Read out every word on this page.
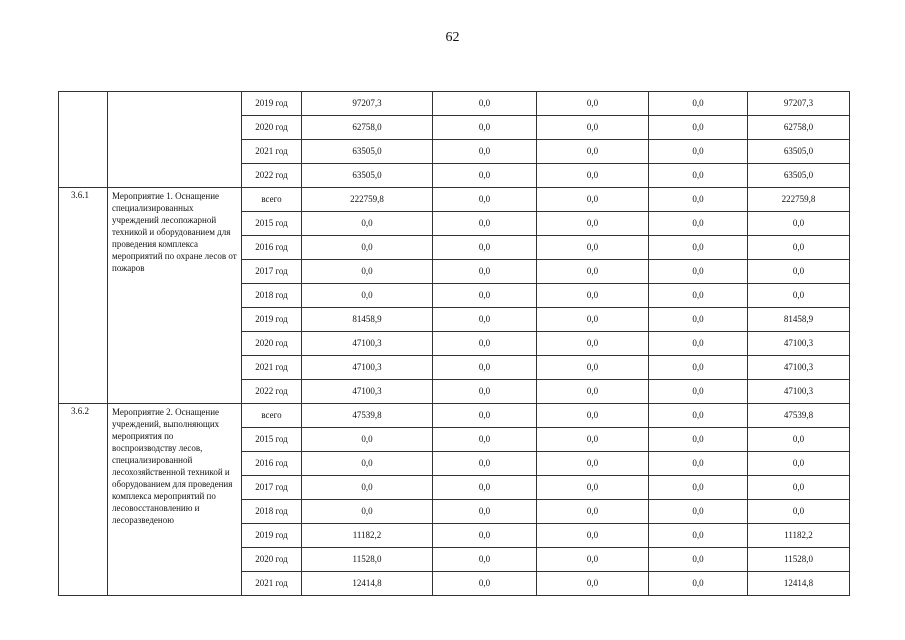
62
		2019 год	97207,3	0,0	0,0	0,0	97207,3
		2020 год	62758,0	0,0	0,0	0,0	62758,0
		2021 год	63505,0	0,0	0,0	0,0	63505,0
		2022 год	63505,0	0,0	0,0	0,0	63505,0
3.6.1	Мероприятие 1. Оснащение специализированных учреждений лесопожарной техникой и оборудованием для проведения комплекса мероприятий по охране лесов от пожаров	всего	222759,8	0,0	0,0	0,0	222759,8
		2015 год	0,0	0,0	0,0	0,0	0,0
		2016 год	0,0	0,0	0,0	0,0	0,0
		2017 год	0,0	0,0	0,0	0,0	0,0
		2018 год	0,0	0,0	0,0	0,0	0,0
		2019 год	81458,9	0,0	0,0	0,0	81458,9
		2020 год	47100,3	0,0	0,0	0,0	47100,3
		2021 год	47100,3	0,0	0,0	0,0	47100,3
		2022 год	47100,3	0,0	0,0	0,0	47100,3
3.6.2	Мероприятие 2. Оснащение учреждений, выполняющих мероприятия по воспроизводству лесов, специализированной лесохозяйственной техникой и оборудованием для проведения комплекса мероприятий по лесовосстановлению и лесоразведеною	всего	47539,8	0,0	0,0	0,0	47539,8
		2015 год	0,0	0,0	0,0	0,0	0,0
		2016 год	0,0	0,0	0,0	0,0	0,0
		2017 год	0,0	0,0	0,0	0,0	0,0
		2018 год	0,0	0,0	0,0	0,0	0,0
		2019 год	11182,2	0,0	0,0	0,0	11182,2
		2020 год	11528,0	0,0	0,0	0,0	11528,0
		2021 год	12414,8	0,0	0,0	0,0	12414,8
